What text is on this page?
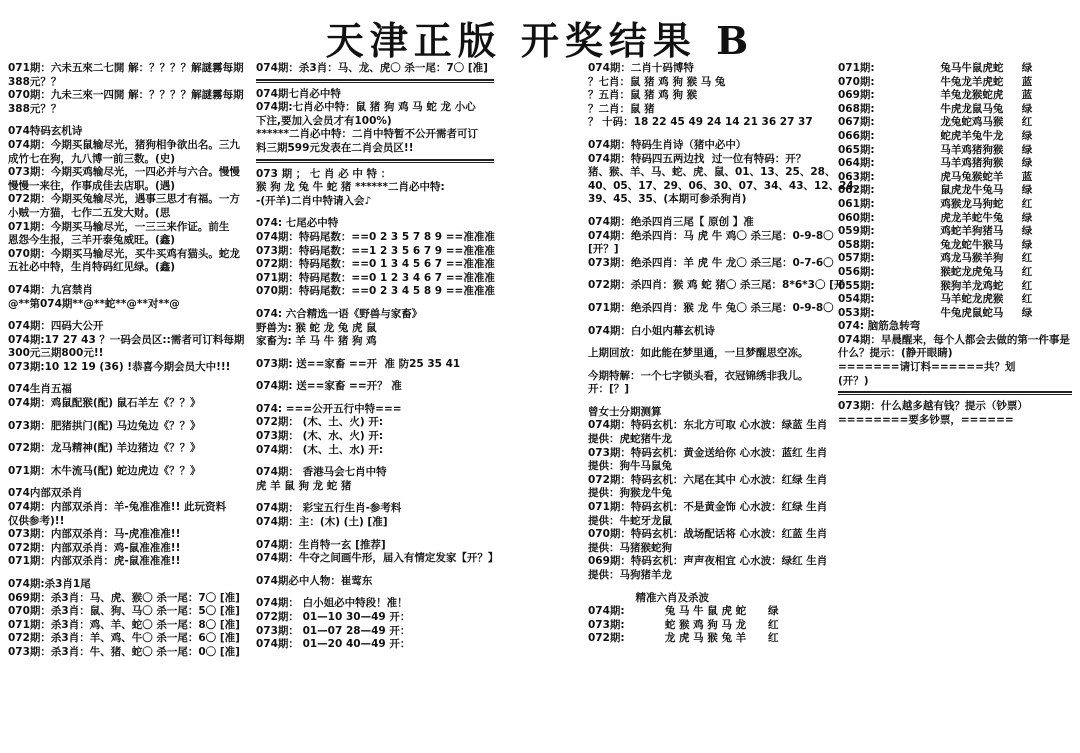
天津正版 开奖结果 B
071期：六未五來二七開 解：？？？？解謎霧每期
388元？？
070期：九未三來一四開 解：？？？？解謎霧每期
388元？？
074特码玄机诗
074期：今期买鼠输尽光，猪狗相争欲出名。三九
成竹七在狗，九八博一前三数。(史)
073期：今期买鸡输尽光，一四必并与六合。慢慢
慢慢一来往，作事成佳去店职。(遇)
072期：今期买兔输尽光，遇事三思才有福。一方
小贼一方猫，七作二五发大财。(思
071期：今期买马输尽光，一三三来作证。前生
恩怨今生报，三羊开泰兔威旺。(鑫)
070期：今期买马输尽光，买牛买鸡有猫头。蛇龙
五社必中特，生肖特码红见绿。(鑫)
074期：九宫禁肖
@**第074期**@**蛇**@**对**@
074期：四码大公开
074期:17 27 43 ？一码会员区::需者可订料每期
300元三期800元!!
073期:10 12 19 (36) !恭喜今期会员大中!!!
074生肖五福
074期：鸡鼠配猴(配) 鼠石羊左《？？》
073期：肥猪拱门(配) 马边兔边《？？》
072期：龙马精神(配) 羊边猪边《？？》
071期：木牛流马(配) 蛇边虎边《？？》
074内部双杀肖
074期：内部双杀肖：羊-兔准准准!! 此玩资料
仅供参考)!!
073期：内部双杀肖：马-虎准准准!!
072期：内部双杀肖：鸡-鼠准准准!!
071期：内部双杀肖：虎-鼠准准准!!
074期:杀3肖1尾
069期：杀3肖：马、虎、猴〇 杀一尾：7〇 [准]
070期：杀3肖：鼠、狗、马〇 杀一尾：5〇 [准]
071期：杀3肖：鸡、羊、蛇〇 杀一尾：8〇 [准]
072期：杀3肖：羊、鸡、牛〇 杀一尾：6〇 [准]
073期：杀3肖：牛、猪、蛇〇 杀一尾：0〇 [准]
074期：杀3肖：马、龙、虎〇 杀一尾：7〇 [准]
074期七肖必中特
074期:七肖必中特：鼠 猪 狗 鸡 马 蛇 龙 小心
下注,要加入会员才有100%)
******二肖必中特：二肖中特暂不公开需者可订
料三期599元发表在二肖会员区!!
073 期 ； 七 肖 必 中 特 ：
猴 狗 龙 兔 牛 蛇 猪 ******二肖必中特:
-(开羊)二肖中特请入会♪
074: 七尾必中特
074期：特码尾数：==0 2 3 5 7 8 9 ==准准准
073期：特码尾数：==1 2 3 5 6 7 9 ==准准准
072期：特码尾数：==0 1 3 4 5 6 7 ==准准准
071期：特码尾数：==0 1 2 3 4 6 7 ==准准准
070期：特码尾数：==0 2 3 4 5 8 9 ==准准准
074: 六合精选一语《野兽与家畜》
野兽为: 猴 蛇 龙 兔 虎 鼠
家畜为: 羊 马 牛 猪 狗 鸡
073期: 送==家畜 ==开  准 防25 35 41
074期: 送==家畜 ==开？ 准
074: ===公开五行中特===
072期： (木、土、火) 开:
073期： (木、水、火) 开:
074期： (木、土、水) 开:
074期： 香港马会七肖中特
虎 羊 鼠 狗 龙 蛇 猪
074期： 彩宝五行生肖-参考料
074期：主：(木) (土) [准]
074期：生肖特一玄 [推荐]
074期：牛夺之间画牛形，届入有情定发家【开？】
074期必中人物：崔莺东
074期： 白小姐必中特段！准！
072期： 01—10 30—49 开：
073期： 01—07 28—49 开：
074期： 01—20 40—49 开：
074期：二肖十码博特
？七肖：鼠 猪 鸡 狗 猴 马 兔
？五肖：鼠 猪 鸡 狗 猴
？二肖：鼠 猪
？ 十码：18 22 45 49 24 14 21 36 27 37
074期：特码生肖诗（猪中必中）
074期：特码四五两边找  过一位有特码：开？
猪、猴、羊、马、蛇、虎、鼠、01、13、25、28、
40、05、17、29、06、30、07、34、43、12、24、
39、45、35、(本期可参杀狗肖)
074期：绝杀四肖三尾【 原创 】准
074期：绝杀四肖：马 虎 牛 鸡〇 杀三尾：0-9-8〇
[开？]
073期：绝杀四肖：羊 虎 牛 龙〇 杀三尾：0-7-6〇
072期：杀四肖：猴 鸡 蛇 猪〇 杀三尾：8*6*3〇 [开
071期：绝杀四肖：猴 龙 牛 兔〇 杀三尾：0-9-8〇
074期：白小姐内幕玄机诗
上期回放：如此能在梦里通，一旦梦醒思空冻。
今期特解：一个七字锁头看，衣冠锦绣非我儿。
开：[？]
曾女士分期测算
074期：特码玄机：东北方可取 心水波：绿蓝 生肖
提供：虎蛇猪牛龙
073期：特码玄机：黄金送给你 心水波：蓝红 生肖
提供：狗牛马鼠兔
072期：特码玄机：六尾在其中 心水波：红绿 生肖
提供：狗猴龙牛兔
071期：特码玄机：不是黄金饰 心水波：红绿 生肖
提供：牛蛇牙龙鼠
070期：特码玄机：战场配话将 心水波：红蓝 生肖
提供：马猪猴蛇狗
069期：特码玄机：声声夜相宜 心水波：绿红 生肖
提供：马狗猪羊龙
精准六肖及杀波
074期:           兔 马 牛 鼠 虎 蛇      绿
073期:           蛇 猴 鸡 狗 马 龙      红
072期:           龙 虎 马 猴 兔 羊      红
071期:                  兔马牛鼠虎蛇     绿
070期:                  牛兔龙羊虎蛇     蓝
069期:                  羊兔龙猴蛇虎     蓝
068期:                  牛虎龙鼠马兔     绿
067期:                  龙兔蛇鸡马猴     红
066期:                  蛇虎羊兔牛龙     绿
065期:                  马羊鸡猪狗猴     绿
064期:                  马羊鸡猪狗猴     绿
063期:                  虎马兔猴蛇羊     蓝
062期:                  鼠虎龙牛兔马     绿
061期:                  鸡猴龙马狗蛇     红
060期:                  虎龙羊蛇牛兔     绿
059期:                  鸡蛇羊狗猪马     绿
058期:                  兔龙蛇牛猴马     绿
057期:                  鸡龙马猴羊狗     红
056期:                  猴蛇龙虎兔马     红
055期:                  猴狗羊龙鸡蛇     红
054期:                  马羊蛇龙虎猴     红
053期:                  牛兔虎鼠蛇马     绿
074: 脑筋急转弯
074期：早晨醒来，每个人都会去做的第一件事是
什么？提示：(静开眼睛)
=======请订料======共？划
(开？)
073期：什么越多越有钱？提示（钞票）
========要多钞票，======
